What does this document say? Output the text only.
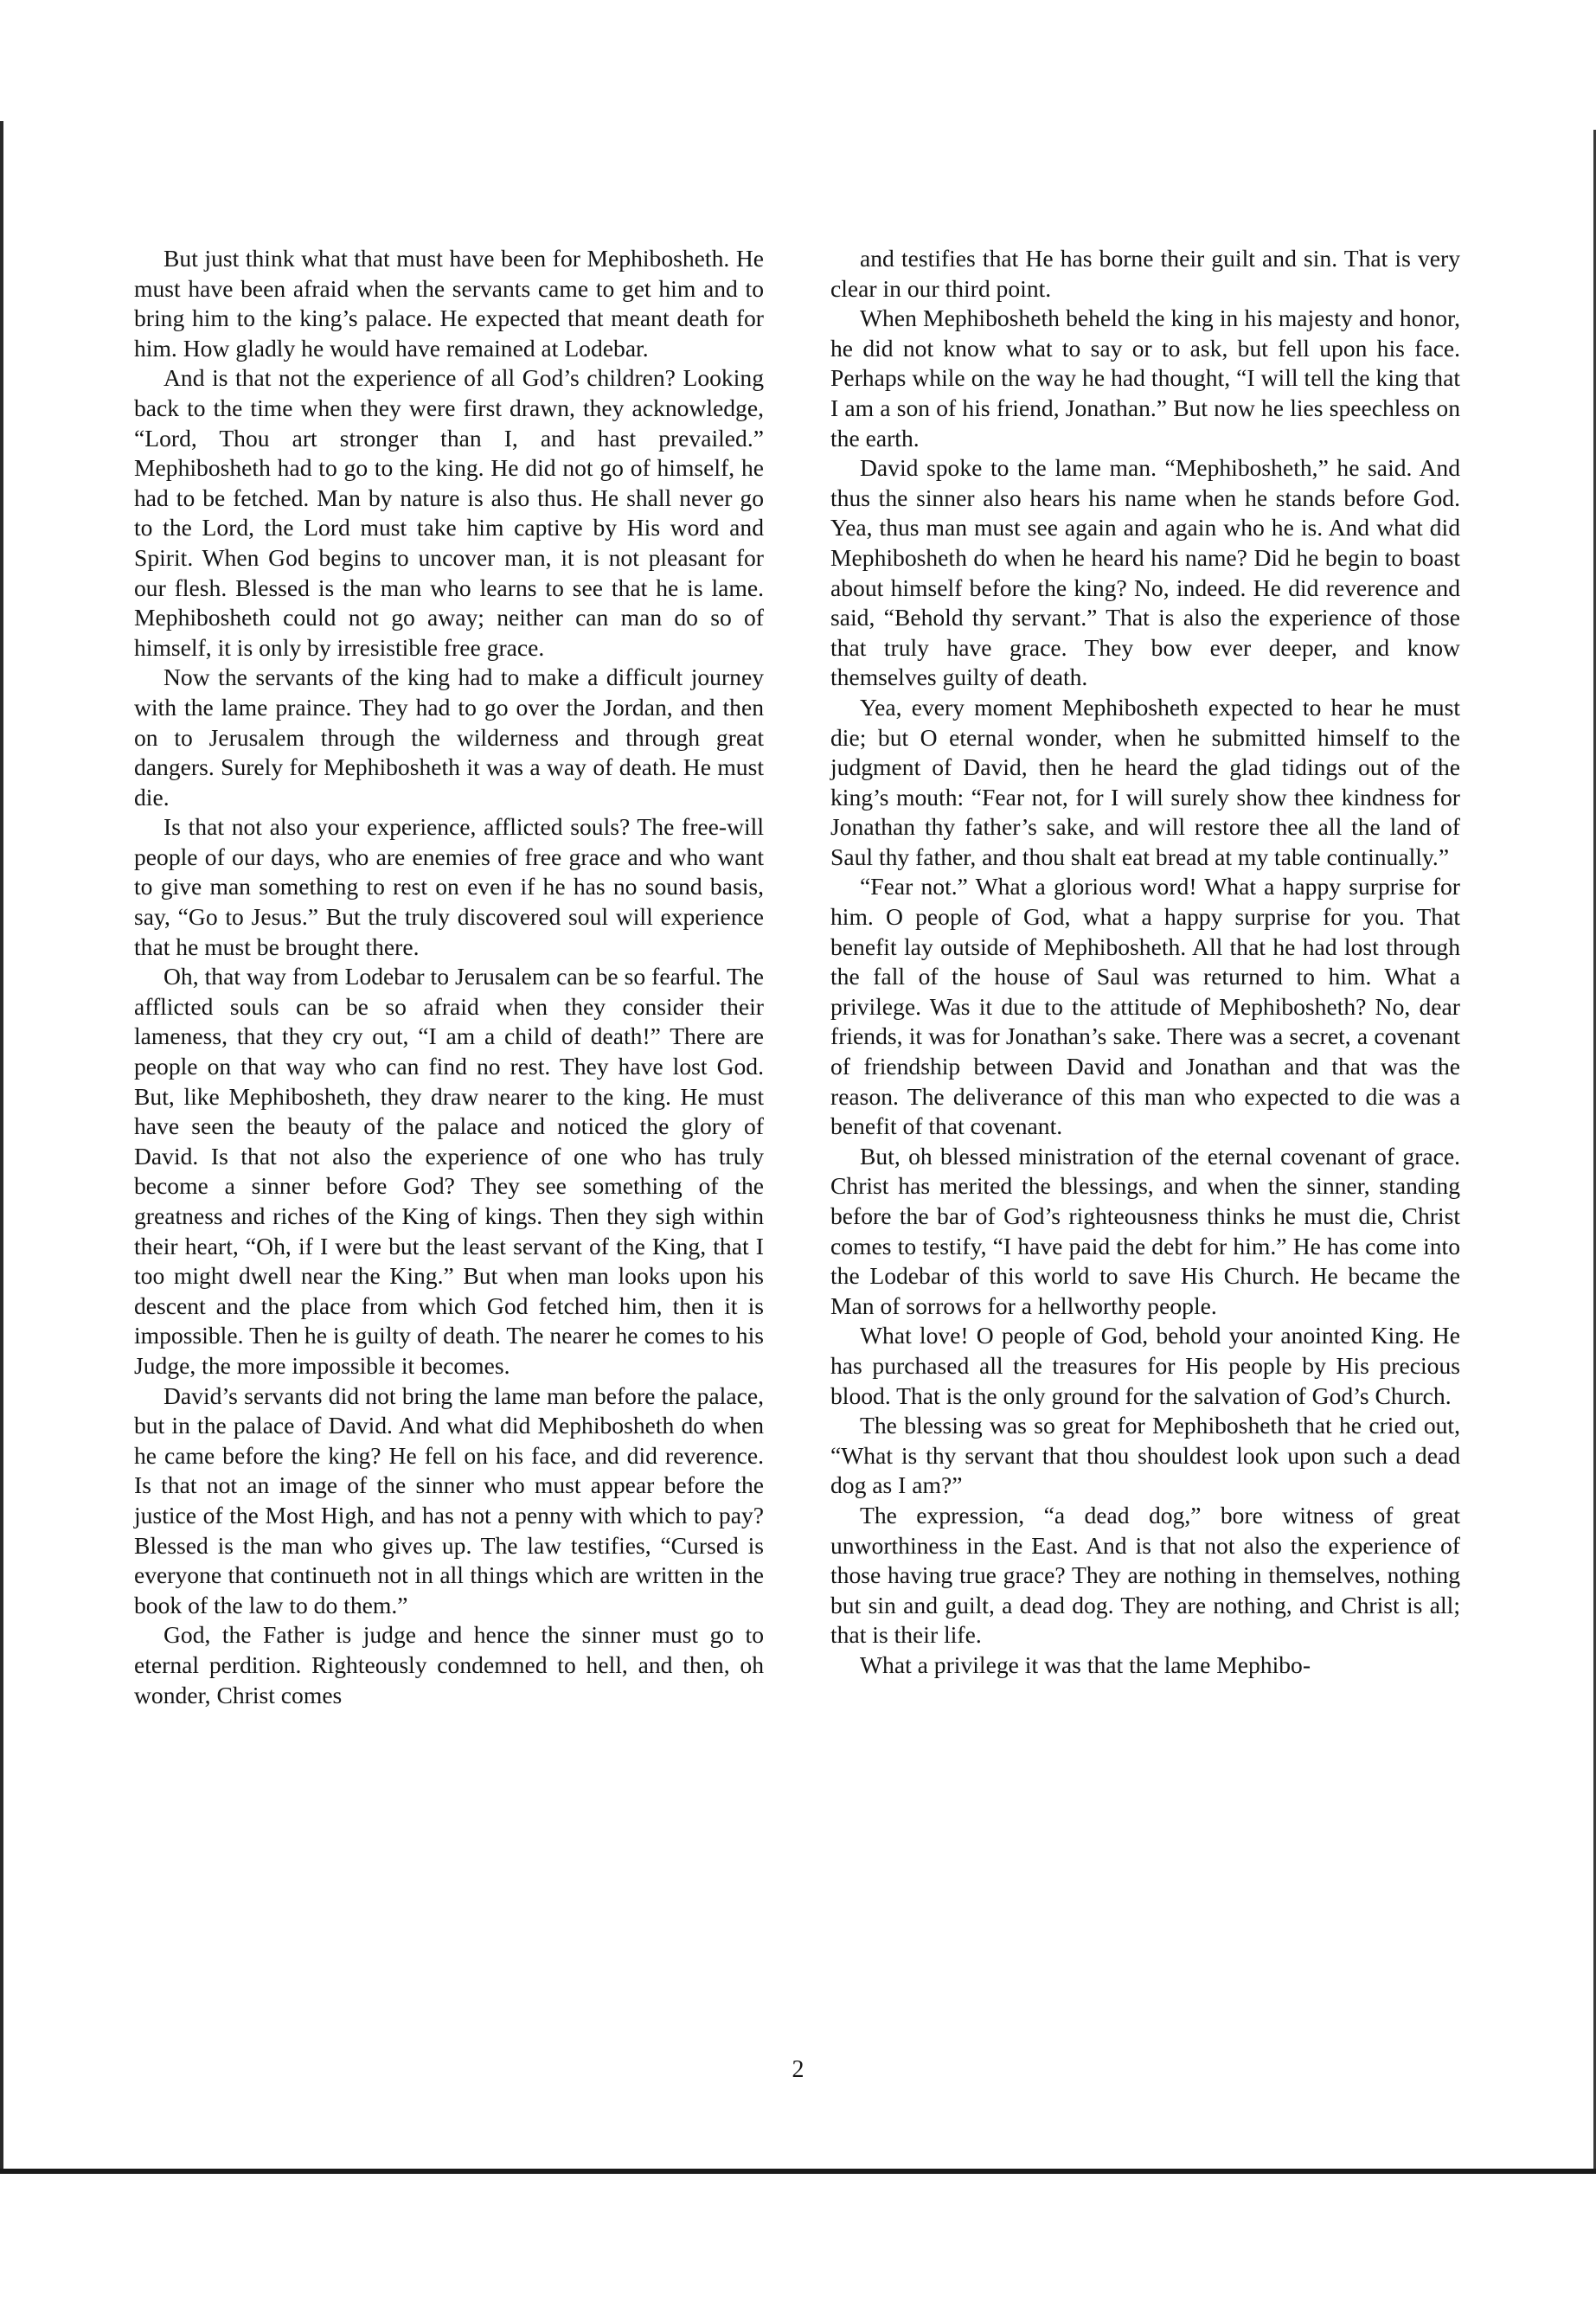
But just think what that must have been for Mephibosheth. He must have been afraid when the servants came to get him and to bring him to the king’s palace. He expected that meant death for him. How gladly he would have remained at Lodebar.

And is that not the experience of all God’s children? Looking back to the time when they were first drawn, they acknowledge, “Lord, Thou art stronger than I, and hast prevailed.” Mephibosheth had to go to the king. He did not go of himself, he had to be fetched. Man by nature is also thus. He shall never go to the Lord, the Lord must take him captive by His word and Spirit. When God begins to uncover man, it is not pleasant for our flesh. Blessed is the man who learns to see that he is lame. Mephibosheth could not go away; neither can man do so of himself, it is only by irresistible free grace.

Now the servants of the king had to make a difficult journey with the lame praince. They had to go over the Jordan, and then on to Jerusalem through the wilderness and through great dangers. Surely for Mephibosheth it was a way of death. He must die.

Is that not also your experience, afflicted souls? The free-will people of our days, who are enemies of free grace and who want to give man something to rest on even if he has no sound basis, say, “Go to Jesus.” But the truly discovered soul will experience that he must be brought there.

Oh, that way from Lodebar to Jerusalem can be so fearful. The afflicted souls can be so afraid when they consider their lameness, that they cry out, “I am a child of death!” There are people on that way who can find no rest. They have lost God. But, like Mephibosheth, they draw nearer to the king. He must have seen the beauty of the palace and noticed the glory of David. Is that not also the experience of one who has truly become a sinner before God? They see something of the greatness and riches of the King of kings. Then they sigh within their heart, “Oh, if I were but the least servant of the King, that I too might dwell near the King.” But when man looks upon his descent and the place from which God fetched him, then it is impossible. Then he is guilty of death. The nearer he comes to his Judge, the more impossible it becomes.

David’s servants did not bring the lame man before the palace, but in the palace of David. And what did Mephibosheth do when he came before the king? He fell on his face, and did reverence. Is that not an image of the sinner who must appear before the justice of the Most High, and has not a penny with which to pay? Blessed is the man who gives up. The law testifies, “Cursed is everyone that continueth not in all things which are written in the book of the law to do them.”

God, the Father is judge and hence the sinner must go to eternal perdition. Righteously condemned to hell, and then, oh wonder, Christ comes

and testifies that He has borne their guilt and sin. That is very clear in our third point.

When Mephibosheth beheld the king in his majesty and honor, he did not know what to say or to ask, but fell upon his face. Perhaps while on the way he had thought, “I will tell the king that I am a son of his friend, Jonathan.” But now he lies speechless on the earth.

David spoke to the lame man. “Mephibosheth,” he said. And thus the sinner also hears his name when he stands before God. Yea, thus man must see again and again who he is. And what did Mephibosheth do when he heard his name? Did he begin to boast about himself before the king? No, indeed. He did reverence and said, “Behold thy servant.” That is also the experience of those that truly have grace. They bow ever deeper, and know themselves guilty of death.

Yea, every moment Mephibosheth expected to hear he must die; but O eternal wonder, when he submitted himself to the judgment of David, then he heard the glad tidings out of the king’s mouth: “Fear not, for I will surely show thee kindness for Jonathan thy father’s sake, and will restore thee all the land of Saul thy father, and thou shalt eat bread at my table continually.”

“Fear not.” What a glorious word! What a happy surprise for him. O people of God, what a happy surprise for you. That benefit lay outside of Mephibosheth. All that he had lost through the fall of the house of Saul was returned to him. What a privilege. Was it due to the attitude of Mephibosheth? No, dear friends, it was for Jonathan’s sake. There was a secret, a covenant of friendship between David and Jonathan and that was the reason. The deliverance of this man who expected to die was a benefit of that covenant.

But, oh blessed ministration of the eternal covenant of grace. Christ has merited the blessings, and when the sinner, standing before the bar of God’s righteousness thinks he must die, Christ comes to testify, “I have paid the debt for him.” He has come into the Lodebar of this world to save His Church. He became the Man of sorrows for a hellworthy people.

What love! O people of God, behold your anointed King. He has purchased all the treasures for His people by His precious blood. That is the only ground for the salvation of God’s Church.

The blessing was so great for Mephibosheth that he cried out, “What is thy servant that thou shouldest look upon such a dead dog as I am?”

The expression, “a dead dog,” bore witness of great unworthiness in the East. And is that not also the experience of those having true grace? They are nothing in themselves, nothing but sin and guilt, a dead dog. They are nothing, and Christ is all; that is their life.

What a privilege it was that the lame Mephibo-

2
